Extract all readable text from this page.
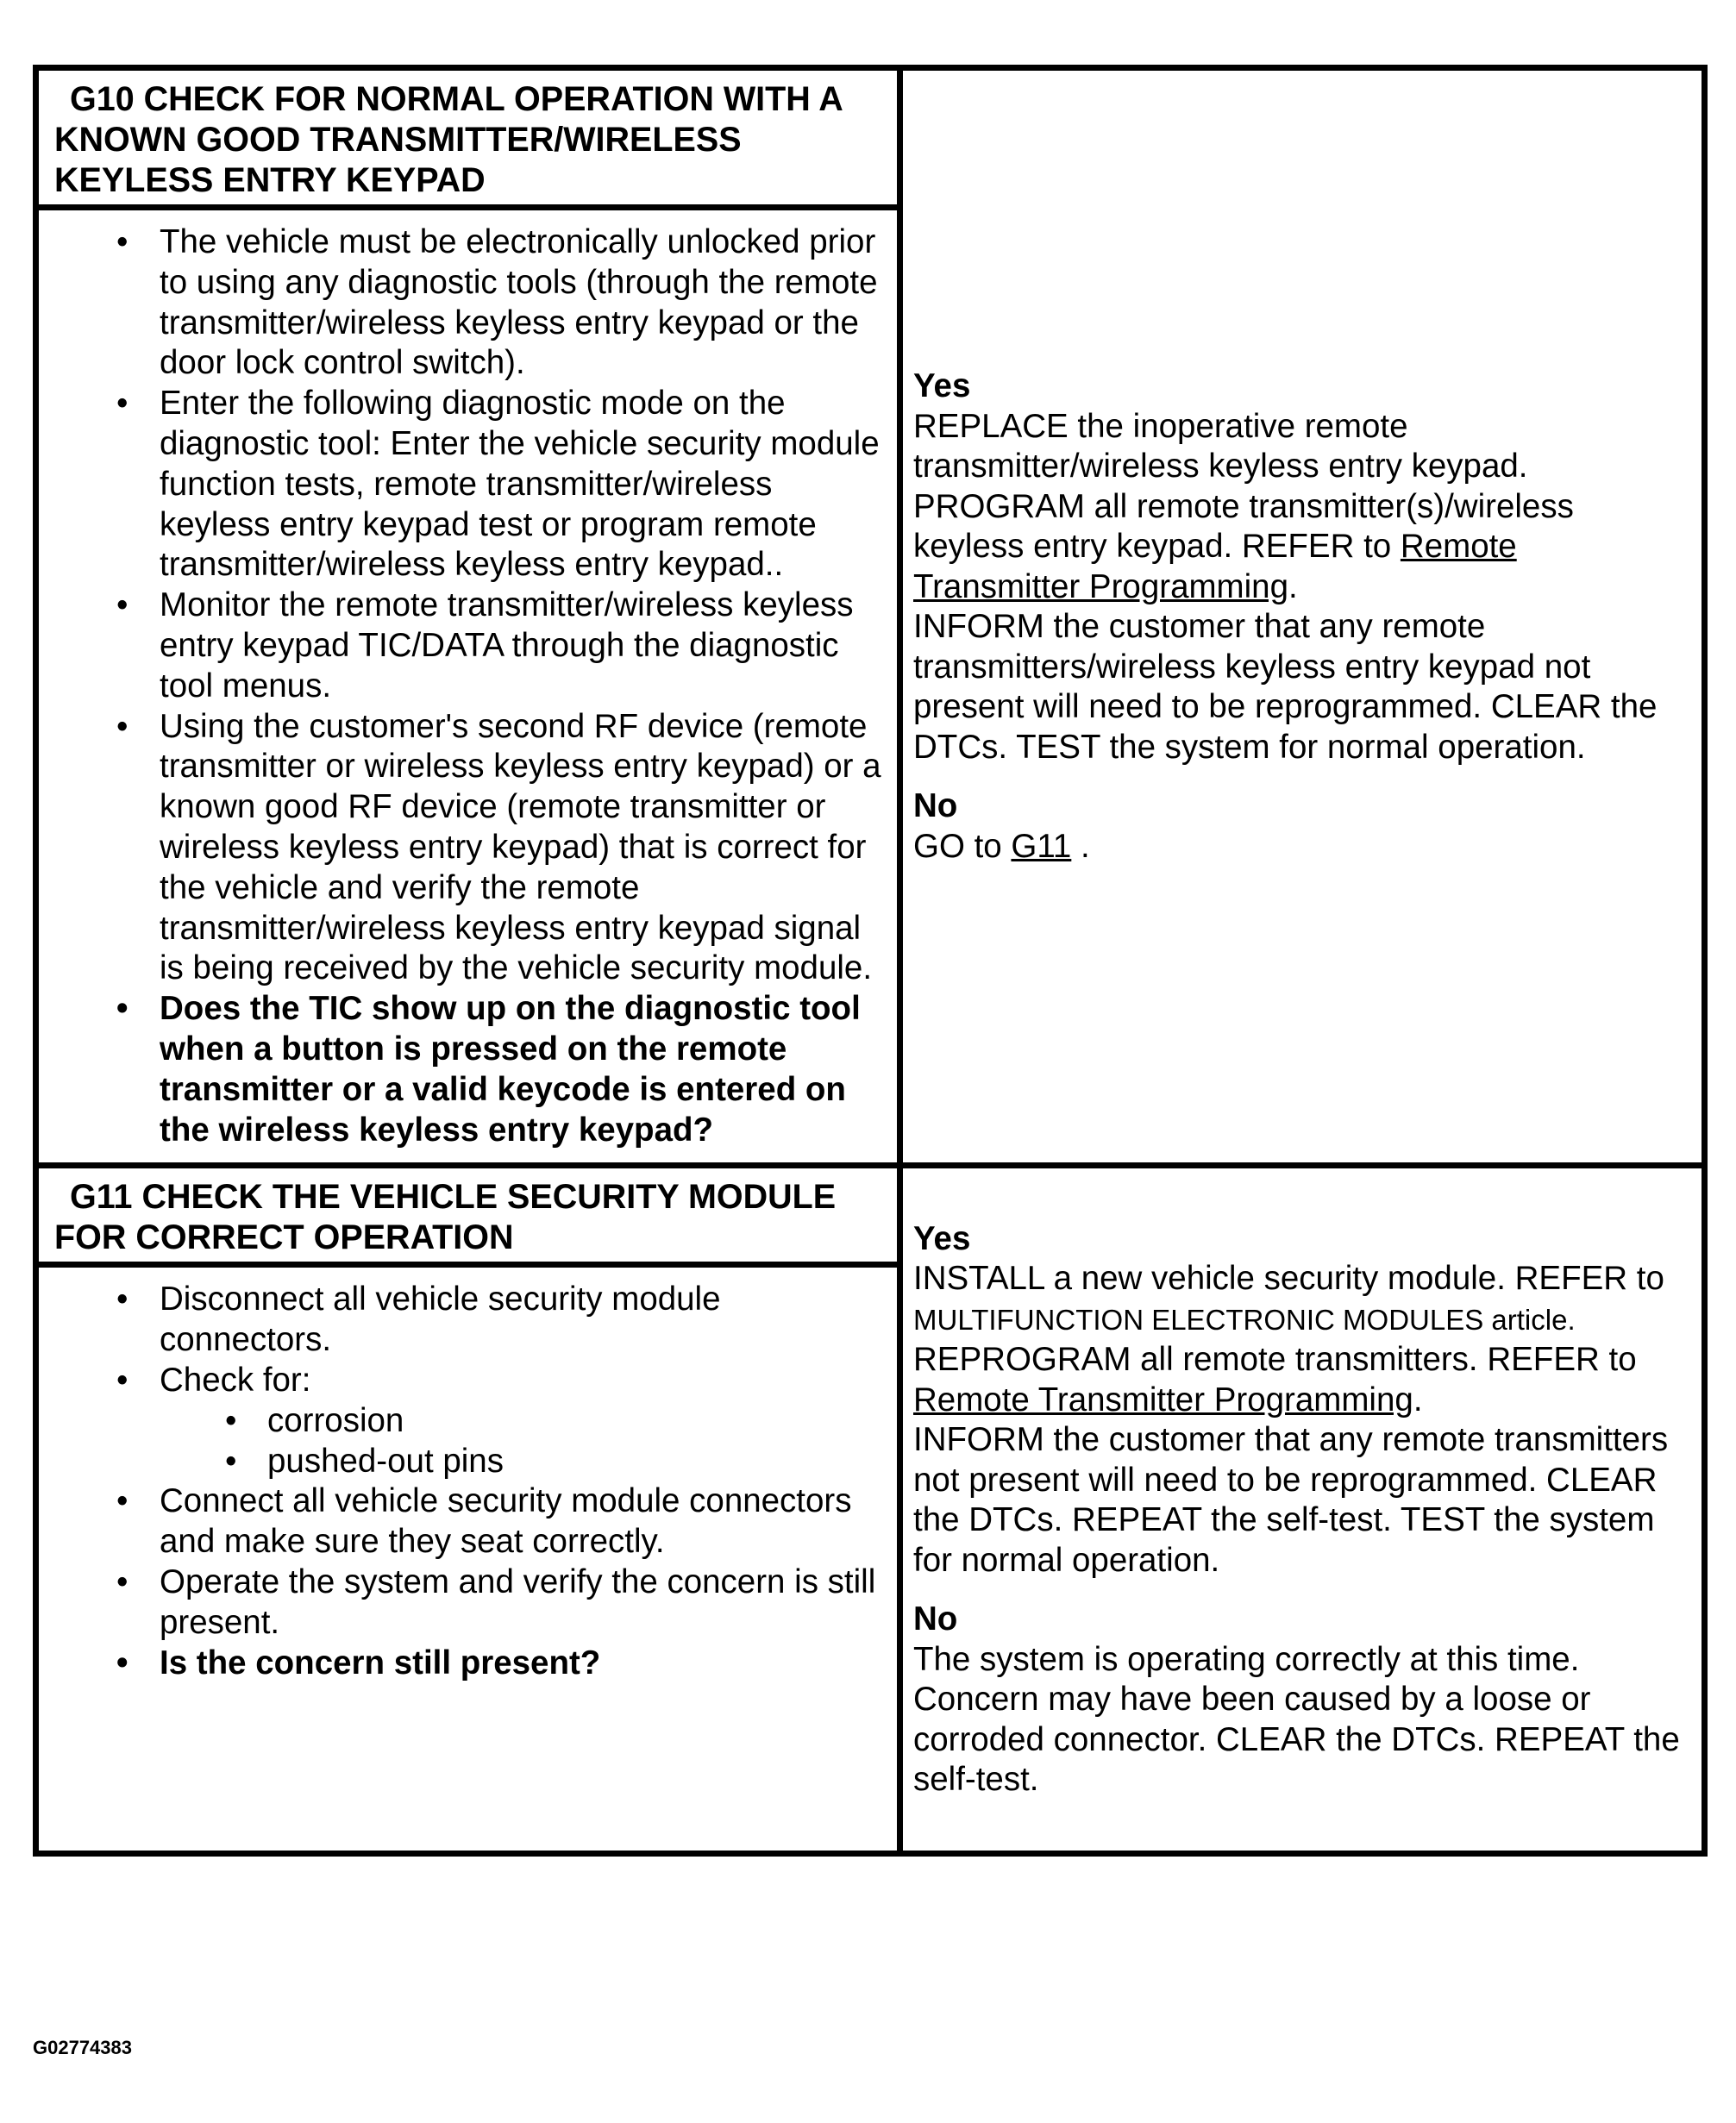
G10 CHECK FOR NORMAL OPERATION WITH A KNOWN GOOD TRANSMITTER/WIRELESS KEYLESS ENTRY KEYPAD
• The vehicle must be electronically unlocked prior to using any diagnostic tools (through the remote transmitter/wireless keyless entry keypad or the door lock control switch).
• Enter the following diagnostic mode on the diagnostic tool: Enter the vehicle security module function tests, remote transmitter/wireless keyless entry keypad test or program remote transmitter/wireless keyless entry keypad..
• Monitor the remote transmitter/wireless keyless entry keypad TIC/DATA through the diagnostic tool menus.
• Using the customer's second RF device (remote transmitter or wireless keyless entry keypad) or a known good RF device (remote transmitter or wireless keyless entry keypad) that is correct for the vehicle and verify the remote transmitter/wireless keyless entry keypad signal is being received by the vehicle security module.
• Does the TIC show up on the diagnostic tool when a button is pressed on the remote transmitter or a valid keycode is entered on the wireless keyless entry keypad?
Yes
REPLACE the inoperative remote transmitter/wireless keyless entry keypad. PROGRAM all remote transmitter(s)/wireless keyless entry keypad. REFER to Remote Transmitter Programming.
INFORM the customer that any remote transmitters/wireless keyless entry keypad not present will need to be reprogrammed. CLEAR the DTCs. TEST the system for normal operation.
No
GO to G11 .
G11 CHECK THE VEHICLE SECURITY MODULE FOR CORRECT OPERATION
• Disconnect all vehicle security module connectors.
• Check for:
• corrosion
• pushed-out pins
• Connect all vehicle security module connectors and make sure they seat correctly.
• Operate the system and verify the concern is still present.
• Is the concern still present?
Yes
INSTALL a new vehicle security module. REFER to MULTIFUNCTION ELECTRONIC MODULES article. REPROGRAM all remote transmitters. REFER to Remote Transmitter Programming.
INFORM the customer that any remote transmitters not present will need to be reprogrammed. CLEAR the DTCs. REPEAT the self-test. TEST the system for normal operation.
No
The system is operating correctly at this time. Concern may have been caused by a loose or corroded connector. CLEAR the DTCs. REPEAT the self-test.
G02774383
